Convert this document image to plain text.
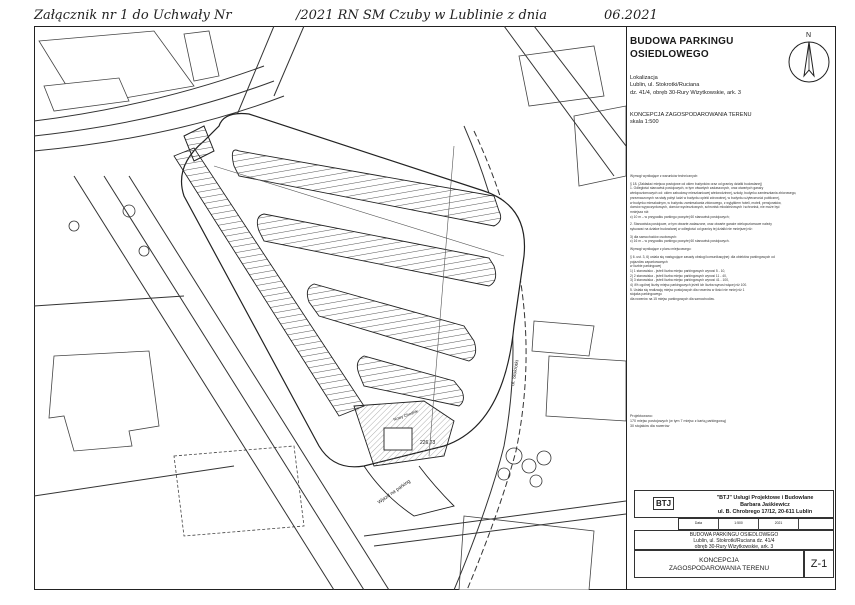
Załącznik nr 1 do Uchwały Nr	/2021 RN SM Czuby w Lublinie z dnia	06.2021
Wjazd na parking
226,73
ul. Stokrotki
Nowy Chodnik
BUDOWA PARKINGU
OSIEDLOWEGO
N
Lokalizacja
Lublin, ul. Stokrotki/Ruciana
dz. 41/4, obręb 30-Rury Wizytkowskie, ark. 3
KONCEPCJA ZAGOSPODAROWANIA TERENU
skala 1:500
Wymogi wynikające z warunków technicznych:
§ 18. (Zakładać miejsca postojowe od okien budynków oraz od granicy działki budowlanej)
1. Odległości stanowisk postojowych, w tym otwartych zadaszonych, oraz otwartych garaży
wielopoziomowych od: okien zabudowy mieszkaniowej wielorodzinnej, szkoły, budynku zamieszkania zbiorowego,
przeznaczonych na stały pobyt ludzi w budynku opieki zdrowotnej, w budynku użyteczności publicznej,
w budynku mieszkalnym, w budynku zamieszkania zbiorowego, z wyjątkiem hoteli, moteli, pensjonatów,
domów wypoczynkowych, domów wycieczkowych, schronisk młodzieżowych i schronisk, nie może być
mniejsza niż:
c) 10 m – w przypadku parkingu powyżej 60 stanowisk postojowych;
2. Stanowiska postojowe, w tym otwarte zadaszone, oraz otwarte garaże wielopoziomowe należy
sytuować na działce budowlanej w odległości od granicy tej działki nie mniejszej niż:
3) dla samochodów osobowych:
c) 16 m – w przypadku parkingu powyżej 60 stanowisk postojowych.
Wymogi wynikające z planu miejscowego:
§ 6. ust. 3, 6) ustala się następujące zasady obsługi komunikacyjnej: dla obiektów parkingowych od
pojazdów zaparkowanych
w liczbie parkingowej
1) 1 stanowisko - jeżeli liczba miejsc parkingowych wynosi 5 - 10,
2) 2 stanowiska - jeżeli liczba miejsc parkingowych wynosi 11 - 40,
3) 3 stanowiska - jeżeli liczba miejsc parkingowych wynosi 41 - 100,
4) 4% ogólnej liczby miejsc parkingowych jeżeli ich liczba wynosi więcej niż 100.
5. Ustala się realizację miejsc postojowych dla rowerów w ilości nie mniej niż 1
stojaka parkingowego
dla rowerów na 15 miejsc parkingowych dla samochodów.
Projektowano:
170 miejsc postojowych (w tym 7 miejsc z kartą parkingową)
30 stojaków dla rowerów
BTJ
"BTJ" Usługi Projektowe i Budowlane
Barbara Jaśkiewicz
ul. B. Chrobrego 17/12, 20-611 Lublin
Data	1:500	2021
BUDOWA PARKINGU OSIEDLOWEGO
Lublin, ul. Stokrotki/Ruciana dz. 41/4
obręb 30-Rury Wizytkowskie, ark. 3
KONCEPCJA
ZAGOSPODAROWANIA TERENU	Z-1
